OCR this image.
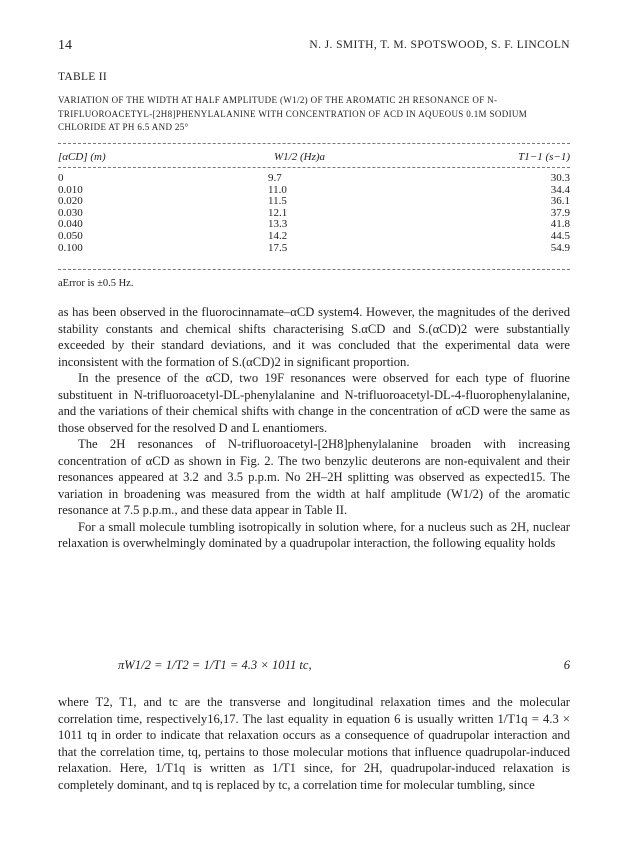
14	N. J. SMITH, T. M. SPOTSWOOD, S. F. LINCOLN
TABLE II
VARIATION OF THE WIDTH AT HALF AMPLITUDE (W1/2) OF THE AROMATIC 2H RESONANCE OF N-TRIFLUOROACETYL-[2H8]PHENYLALANINE WITH CONCENTRATION OF ΑCD IN AQUEOUS 0.1M SODIUM CHLORIDE AT PH 6.5 AND 25°
[αCD] (m)	W1/2 (Hz)a	T1−1 (s−1)

0	9.7	30.3
0.010	11.0	34.4
0.020	11.5	36.1
0.030	12.1	37.9
0.040	13.3	41.8
0.050	14.2	44.5
0.100	17.5	54.9
aError is ±0.5 Hz.

as has been observed in the fluorocinnamate–αCD system4. However, the magnitudes of the derived stability constants and chemical shifts characterising S.αCD and S.(αCD)2 were substantially exceeded by their standard deviations, and it was concluded that the experimental data were inconsistent with the formation of S.(αCD)2 in significant proportion.

In the presence of the αCD, two 19F resonances were observed for each type of fluorine substituent in N-trifluoroacetyl-DL-phenylalanine and N-trifluoroacetyl-DL-4-fluorophenylalanine, and the variations of their chemical shifts with change in the concentration of αCD were the same as those observed for the resolved D and L enantiomers.

The 2H resonances of N-trifluoroacetyl-[2H8]phenylalanine broaden with increasing concentration of αCD as shown in Fig. 2. The two benzylic deuterons are non-equivalent and their resonances appeared at 3.2 and 3.5 p.p.m. No 2H–2H splitting was observed as expected15. The variation in broadening was measured from the width at half amplitude (W1/2) of the aromatic resonance at 7.5 p.p.m., and these data appear in Table II.

For a small molecule tumbling isotropically in solution where, for a nucleus such as 2H, nuclear relaxation is overwhelmingly dominated by a quadrupolar interaction, the following equality holds

πW1/2 = 1/T2 = 1/T1 = 4.3 × 1011 tc,	6

where T2, T1, and tc are the transverse and longitudinal relaxation times and the molecular correlation time, respectively16,17. The last equality in equation 6 is usually written 1/T1q = 4.3 × 1011 tq in order to indicate that relaxation occurs as a consequence of quadrupolar interaction and that the correlation time, tq, pertains to those molecular motions that influence quadrupolar-induced relaxation. Here, 1/T1q is written as 1/T1 since, for 2H, quadrupolar-induced relaxation is completely dominant, and tq is replaced by tc, a correlation time for molecular tumbling, since
